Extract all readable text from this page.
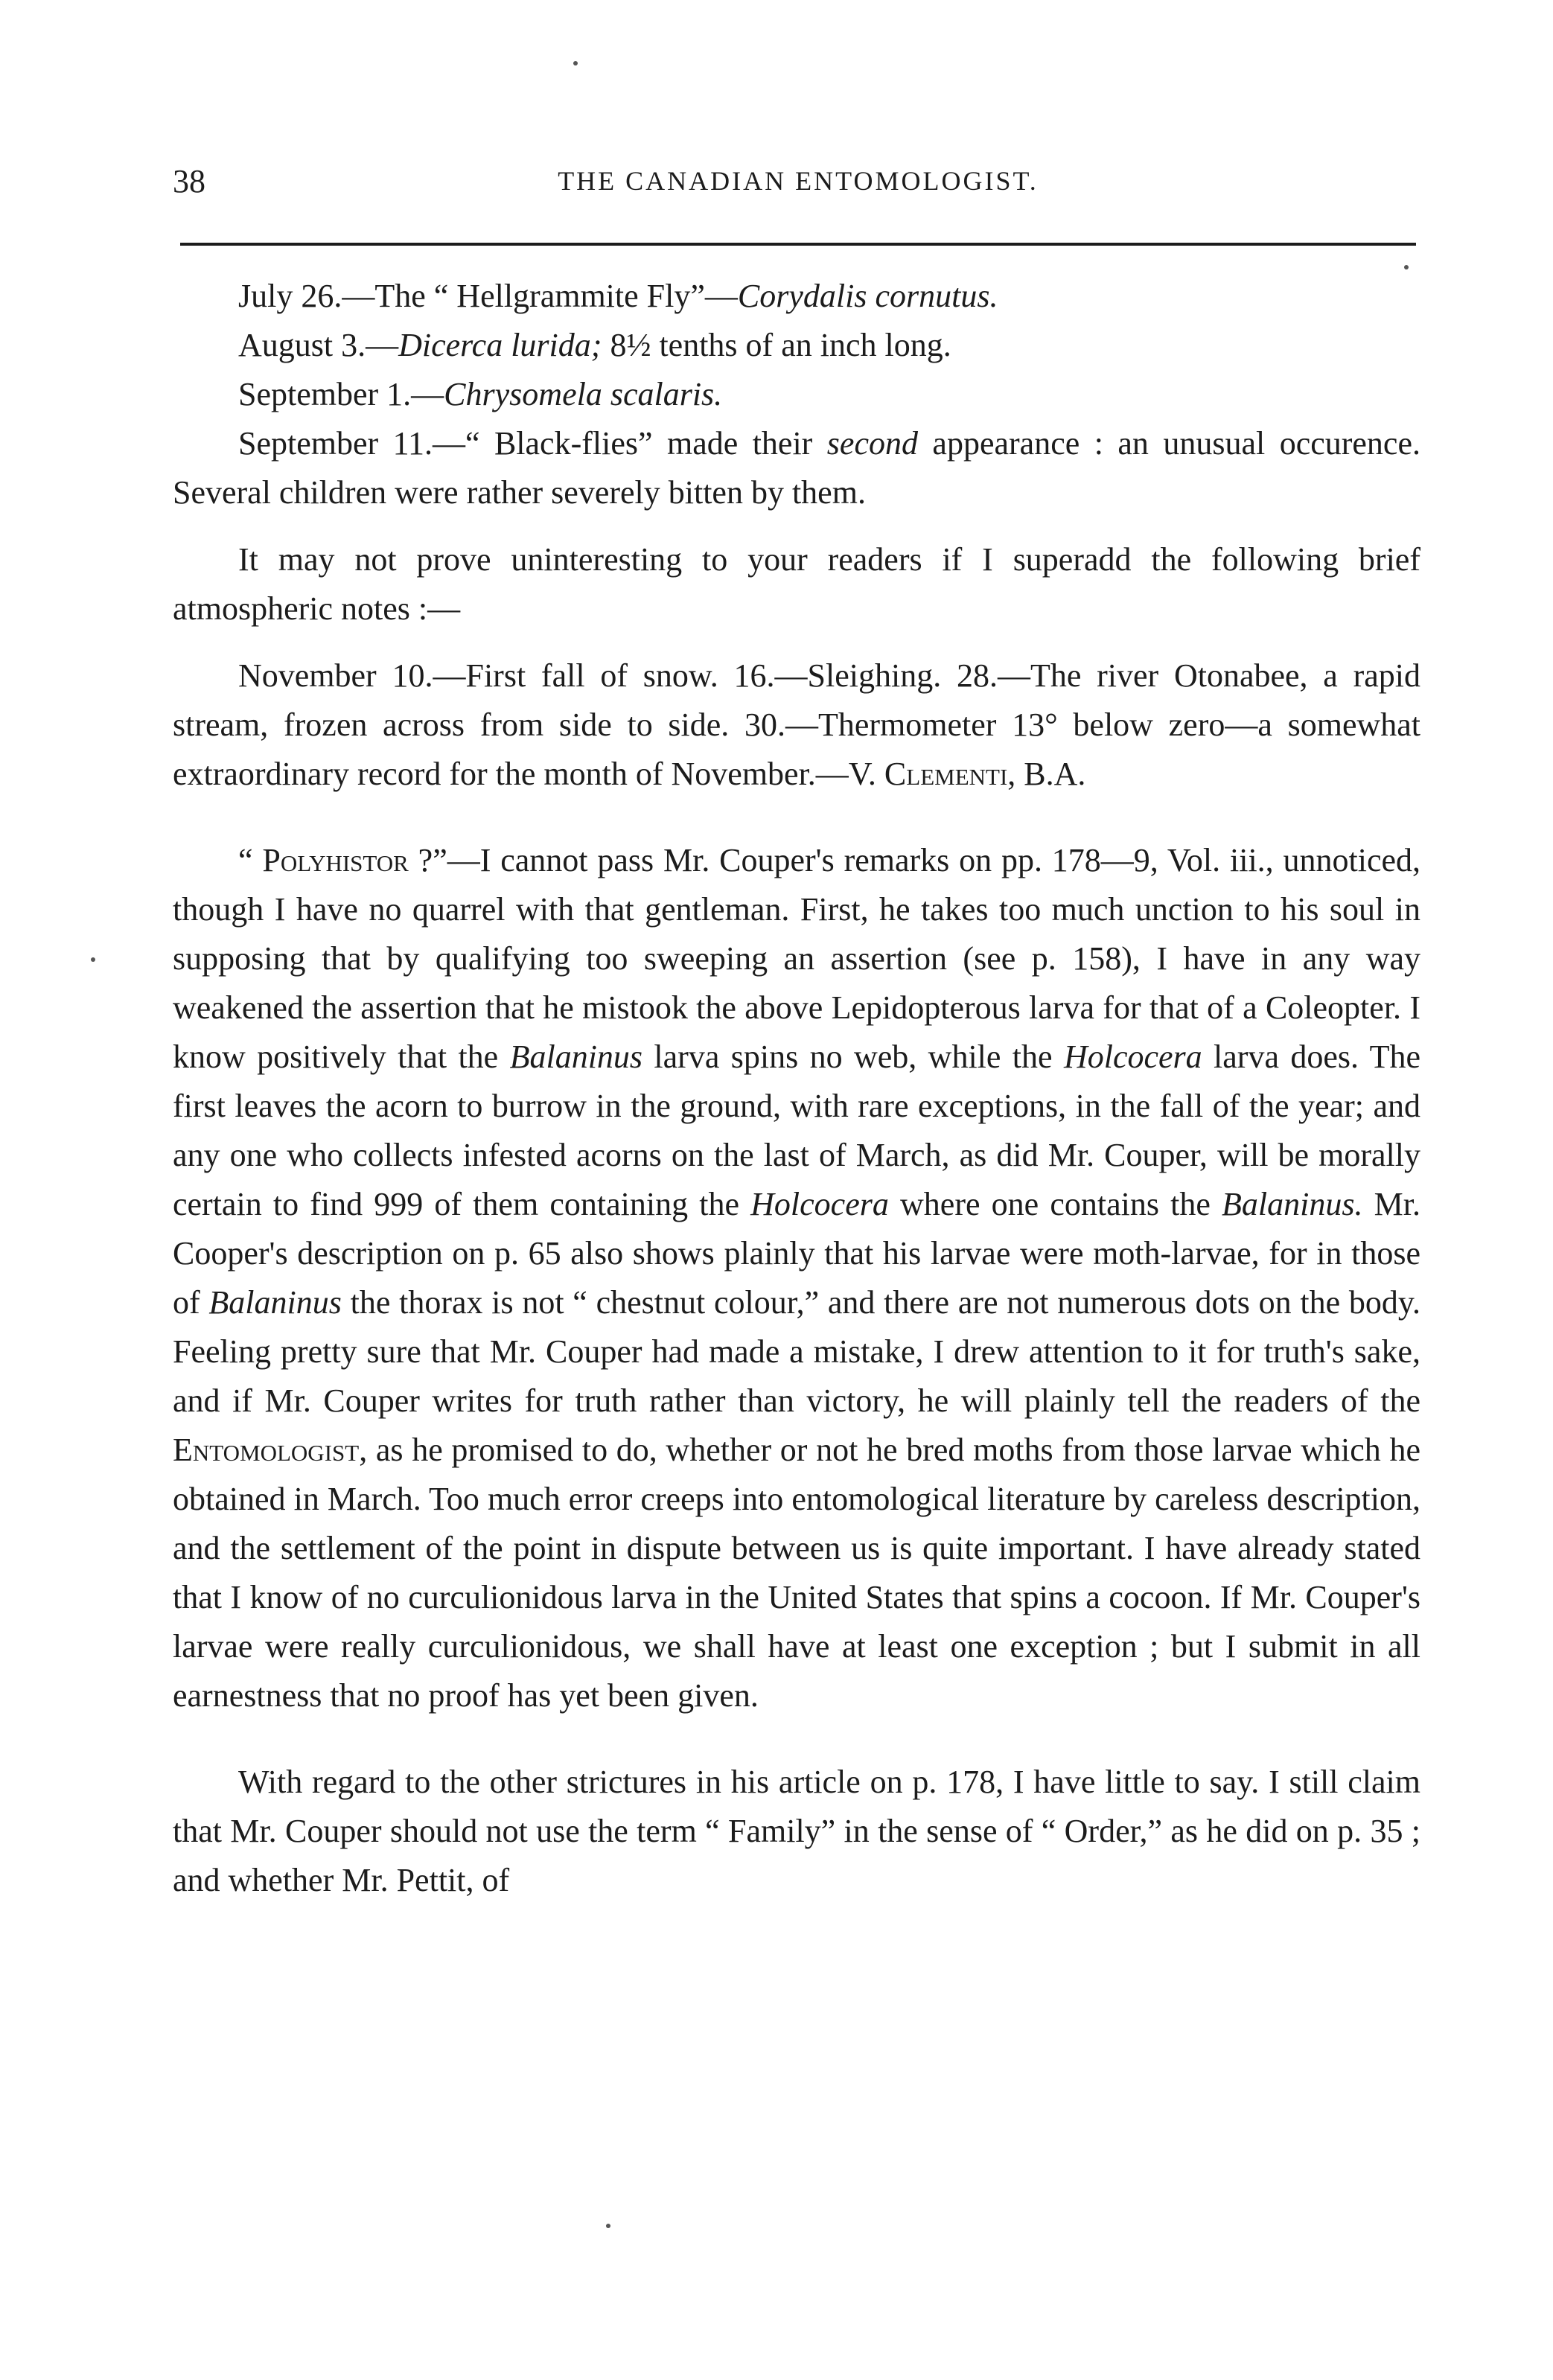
38	THE CANADIAN ENTOMOLOGIST.

July 26.—The “ Hellgrammite Fly”—Corydalis cornutus.

August 3.—Dicerca lurida; 8½ tenths of an inch long.

September 1.—Chrysomela scalaris.

September 11.—“ Black-flies” made their second appearance : an unusual occurence. Several children were rather severely bitten by them.

It may not prove uninteresting to your readers if I superadd the following brief atmospheric notes :—

November 10.—First fall of snow. 16.—Sleighing. 28.—The river Otonabee, a rapid stream, frozen across from side to side. 30.—Thermometer 13° below zero—a somewhat extraordinary record for the month of November.—V. Clementi, B.A.

“ Polyhistor ?”—I cannot pass Mr. Couper's remarks on pp. 178—9, Vol. iii., unnoticed, though I have no quarrel with that gentleman. First, he takes too much unction to his soul in supposing that by qualifying too sweeping an assertion (see p. 158), I have in any way weakened the assertion that he mistook the above Lepidopterous larva for that of a Coleopter. I know positively that the Balaninus larva spins no web, while the Holcocera larva does. The first leaves the acorn to burrow in the ground, with rare exceptions, in the fall of the year; and any one who collects infested acorns on the last of March, as did Mr. Couper, will be morally certain to find 999 of them containing the Holcocera where one contains the Balaninus. Mr. Cooper's description on p. 65 also shows plainly that his larvae were moth-larvae, for in those of Balaninus the thorax is not “ chestnut colour,” and there are not numerous dots on the body. Feeling pretty sure that Mr. Couper had made a mistake, I drew attention to it for truth's sake, and if Mr. Couper writes for truth rather than victory, he will plainly tell the readers of the Entomologist, as he promised to do, whether or not he bred moths from those larvae which he obtained in March. Too much error creeps into entomological literature by careless description, and the settlement of the point in dispute between us is quite important. I have already stated that I know of no curculionidous larva in the United States that spins a cocoon. If Mr. Couper's larvae were really curculionidous, we shall have at least one exception ; but I submit in all earnestness that no proof has yet been given.

With regard to the other strictures in his article on p. 178, I have little to say. I still claim that Mr. Couper should not use the term “ Family” in the sense of “ Order,” as he did on p. 35 ; and whether Mr. Pettit, of
